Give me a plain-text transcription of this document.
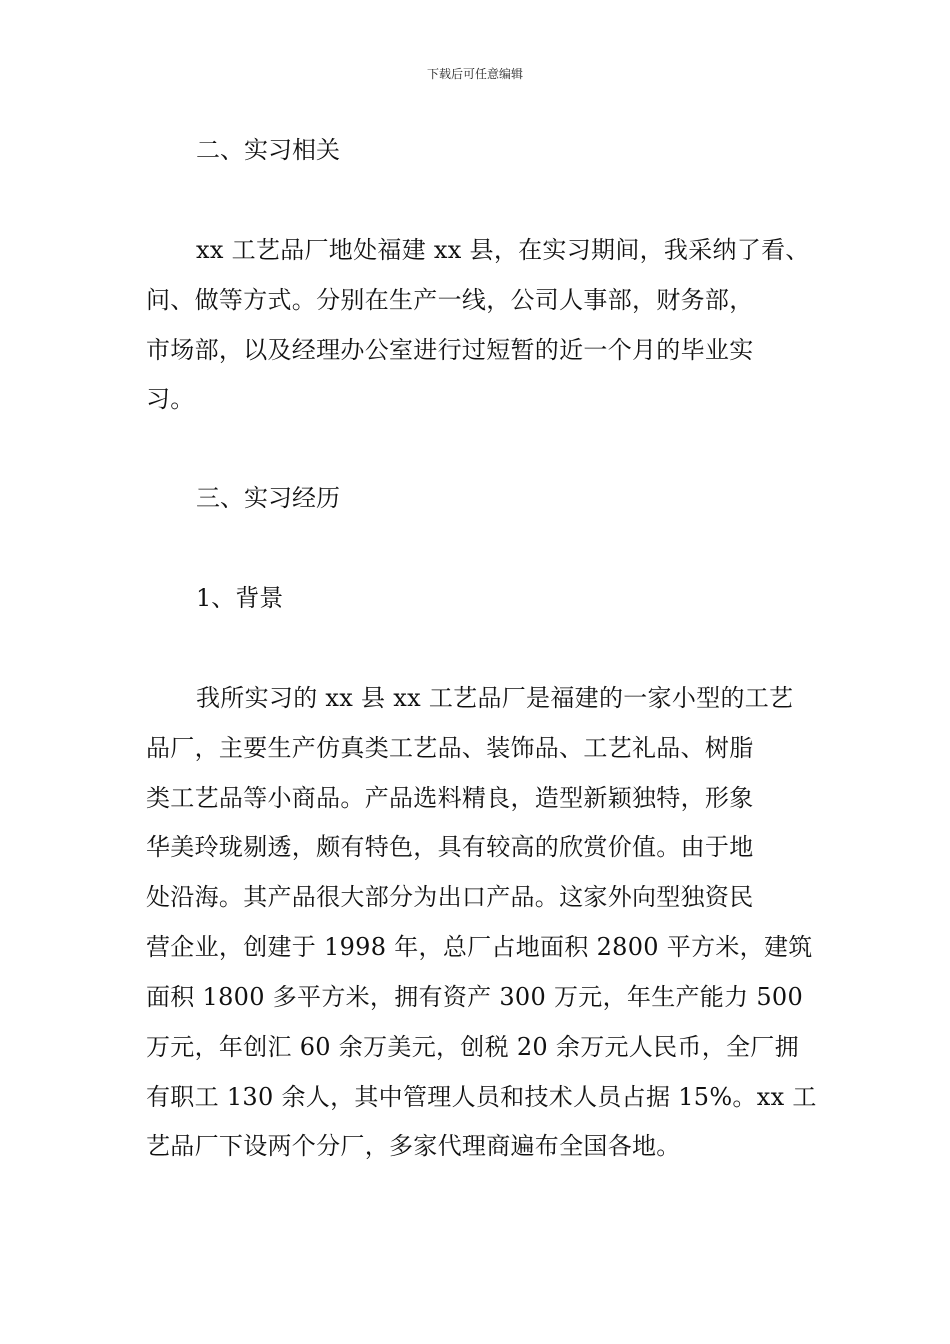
下载后可任意编辑
二、实习相关
xx 工艺品厂地处福建 xx 县，在实习期间，我采纳了看、
问、做等方式。分别在生产一线，公司人事部，财务部，
市场部，以及经理办公室进行过短暂的近一个月的毕业实
习。
三、实习经历
1、背景
我所实习的 xx 县 xx 工艺品厂是福建的一家小型的工艺
品厂，主要生产仿真类工艺品、装饰品、工艺礼品、树脂
类工艺品等小商品。产品选料精良，造型新颖独特，形象
华美玲珑剔透，颇有特色，具有较高的欣赏价值。由于地
处沿海。其产品很大部分为出口产品。这家外向型独资民
营企业，创建于 1998 年，总厂占地面积 2800 平方米，建筑
面积 1800 多平方米，拥有资产 300 万元，年生产能力 500
万元，年创汇 60 余万美元，创税 20 余万元人民币，全厂拥
有职工 130 余人，其中管理人员和技术人员占据 15%。xx 工
艺品厂下设两个分厂，多家代理商遍布全国各地。
